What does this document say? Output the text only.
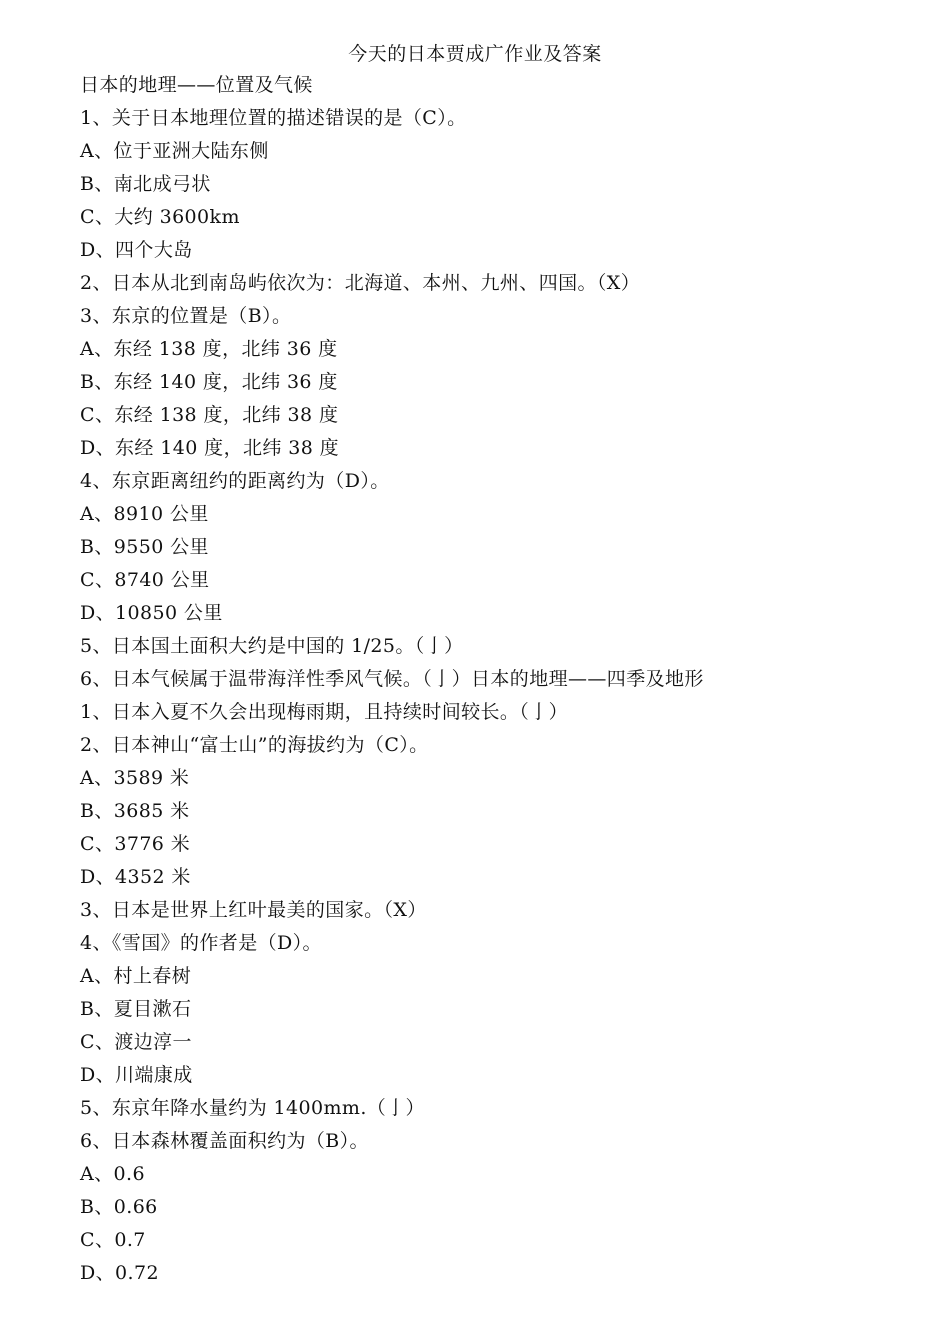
今天的日本贾成广作业及答案
日本的地理——位置及气候
1、关于日本地理位置的描述错误的是（C）。
A、位于亚洲大陆东侧
B、南北成弓状
C、大约 3600km
D、四个大岛
2、日本从北到南岛屿依次为：北海道、本州、九州、四国。（X）
3、东京的位置是（B）。
A、东经 138 度，北纬 36 度
B、东经 140 度，北纬 36 度
C、东经 138 度，北纬 38 度
D、东经 140 度，北纬 38 度
4、东京距离纽约的距离约为（D）。
A、8910 公里
B、9550 公里
C、8740 公里
D、10850 公里
5、日本国土面积大约是中国的 1/25。（亅）
6、日本气候属于温带海洋性季风气候。（亅）日本的地理——四季及地形
1、日本入夏不久会出现梅雨期，且持续时间较长。（亅）
2、日本神山“富士山”的海拔约为（C）。
A、3589 米
B、3685 米
C、3776 米
D、4352 米
3、日本是世界上红叶最美的国家。（X）
4、《雪国》的作者是（D）。
A、村上春树
B、夏目漱石
C、渡边淳一
D、川端康成
5、东京年降水量约为 1400mm.（亅）
6、日本森林覆盖面积约为（B）。
A、0.6
B、0.66
C、0.7
D、0.72
